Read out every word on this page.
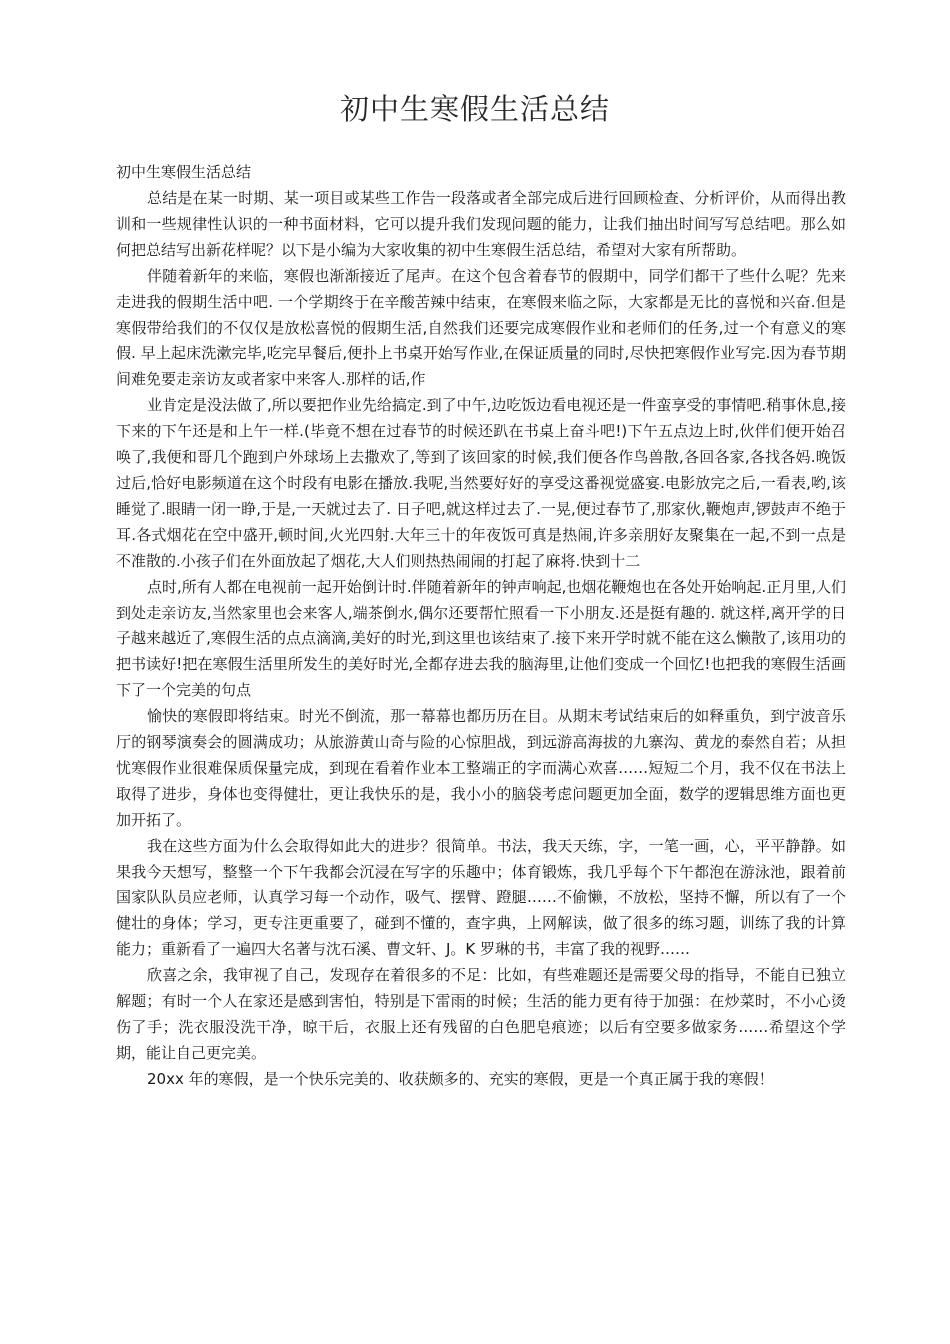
初中生寒假生活总结

初中生寒假生活总结

总结是在某一时期、某一项目或某些工作告一段落或者全部完成后进行回顾检查、分析评价，从而得出教训和一些规律性认识的一种书面材料，它可以提升我们发现问题的能力，让我们抽出时间写写总结吧。那么如何把总结写出新花样呢？以下是小编为大家收集的初中生寒假生活总结，希望对大家有所帮助。

伴随着新年的来临，寒假也渐渐接近了尾声。在这个包含着春节的假期中，同学们都干了些什么呢？先来走进我的假期生活中吧. 一个学期终于在辛酸苦辣中结束，在寒假来临之际，大家都是无比的喜悦和兴奋.但是寒假带给我们的不仅仅是放松喜悦的假期生活,自然我们还要完成寒假作业和老师们的任务,过一个有意义的寒假. 早上起床洗漱完毕,吃完早餐后,便扑上书桌开始写作业,在保证质量的同时,尽快把寒假作业写完.因为春节期间难免要走亲访友或者家中来客人.那样的话,作

业肯定是没法做了,所以要把作业先给搞定.到了中午,边吃饭边看电视还是一件蛮享受的事情吧.稍事休息,接下来的下午还是和上午一样.(毕竟不想在过春节的时候还趴在书桌上奋斗吧!)下午五点边上时,伙伴们便开始召唤了,我便和哥几个跑到户外球场上去撒欢了,等到了该回家的时候,我们便各作鸟兽散,各回各家,各找各妈.晚饭过后,恰好电影频道在这个时段有电影在播放.我呢,当然要好好的享受这番视觉盛宴.电影放完之后,一看表,哟,该睡觉了.眼睛一闭一睁,于是,一天就过去了. 日子吧,就这样过去了.一晃,便过春节了,那家伙,鞭炮声,锣鼓声不绝于耳.各式烟花在空中盛开,顿时间,火光四射.大年三十的年夜饭可真是热闹,许多亲朋好友聚集在一起,不到一点是 不准散的.小孩子们在外面放起了烟花,大人们则热热闹闹的打起了麻将.快到十二

点时,所有人都在电视前一起开始倒计时.伴随着新年的钟声响起,也烟花鞭炮也在各处开始响起.正月里,人们到处走亲访友,当然家里也会来客人,端茶倒水,偶尔还要帮忙照看一下小朋友.还是挺有趣的. 就这样,离开学的日子越来越近了,寒假生活的点点滴滴,美好的时光,到这里也该结束了.接下来开学时就不能在这么懒散了,该用功的把书读好!把在寒假生活里所发生的美好时光,全都存进去我的脑海里,让他们变成一个回忆!也把我的寒假生活画下了一个完美的句点

愉快的寒假即将结束。时光不倒流，那一幕幕也都历历在目。从期末考试结束后的如释重负，到宁波音乐厅的钢琴演奏会的圆满成功；从旅游黄山奇与险的心惊胆战，到远游高海拔的九寨沟、黄龙的泰然自若；从担忧寒假作业很难保质保量完成，到现在看着作业本工整端正的字而满心欢喜……短短二个月，我不仅在书法上取得了进步，身体也变得健壮，更让我快乐的是，我小小的脑袋考虑问题更加全面，数学的逻辑思维方面也更加开拓了。

我在这些方面为什么会取得如此大的进步？很简单。书法，我天天练，字，一笔一画，心，平平静静。如果我今天想写，整整一个下午我都会沉浸在写字的乐趣中；体育锻炼，我几乎每个下午都泡在游泳池，跟着前国家队队员应老师，认真学习每一个动作，吸气、摆臂、蹬腿……不偷懒，不放松，坚持不懈，所以有了一个健壮的身体；学习，更专注更重要了，碰到不懂的，查字典，上网解读，做了很多的练习题，训练了我的计算能力；重新看了一遍四大名著与沈石溪、曹文轩、J。K 罗琳的书，丰富了我的视野……

欣喜之余，我审视了自己，发现存在着很多的不足：比如，有些难题还是需要父母的指导，不能自已独立解题；有时一个人在家还是感到害怕，特别是下雷雨的时候；生活的能力更有待于加强：在炒菜时，不小心烫伤了手；洗衣服没洗干净，晾干后，衣服上还有残留的白色肥皂痕迹；以后有空要多做家务……希望这个学期，能让自己更完美。

20xx 年的寒假，是一个快乐完美的、收获颇多的、充实的寒假，更是一个真正属于我的寒假！
